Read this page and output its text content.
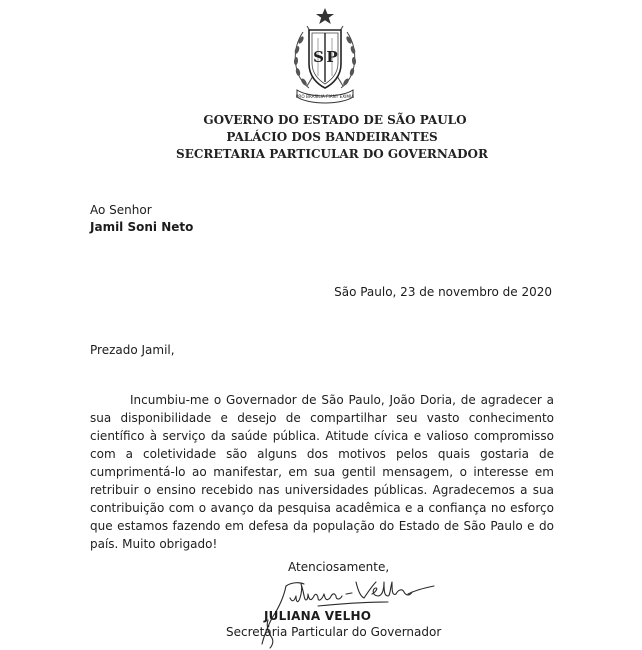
S P
PRO BRASILIA FIANT EXIMIA
GOVERNO DO ESTADO DE SÃO PAULO
PALÁCIO DOS BANDEIRANTES
SECRETARIA PARTICULAR DO GOVERNADOR
Ao Senhor
Jamil Soni Neto
São Paulo, 23 de novembro de 2020
Prezado Jamil,
Incumbiu-me o Governador de São Paulo, João Doria, de agradecer a sua disponibilidade e desejo de compartilhar seu vasto conhecimento científico à serviço da saúde pública. Atitude cívica e valioso compromisso com a coletividade são alguns dos motivos pelos quais gostaria de cumprimentá-lo ao manifestar, em sua gentil mensagem, o interesse em retribuir o ensino recebido nas universidades públicas. Agradecemos a sua contribuição com o avanço da pesquisa acadêmica e a confiança no esforço que estamos fazendo em defesa da população do Estado de São Paulo e do país. Muito obrigado!
Atenciosamente,
JULIANA VELHO
Secretária Particular do Governador
